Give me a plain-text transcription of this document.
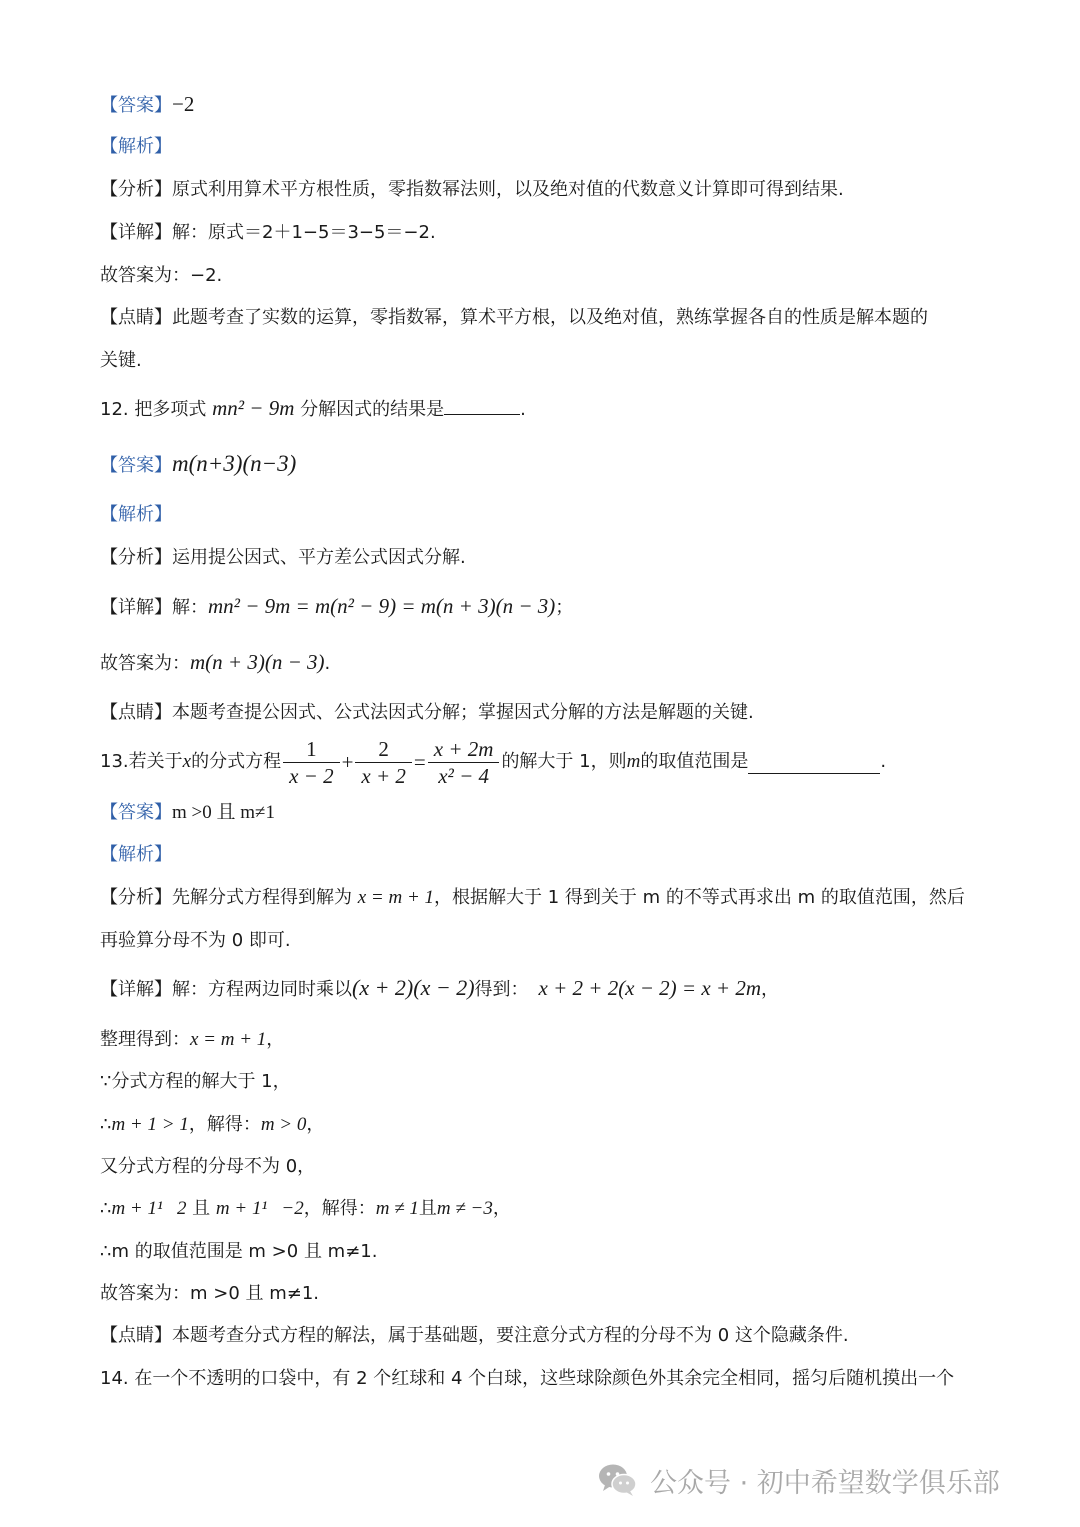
【答案】−2
【解析】
【分析】原式利用算术平方根性质，零指数幂法则，以及绝对值的代数意义计算即可得到结果.
【详解】解：原式＝2＋1−5＝3−5＝−2.
故答案为：−2.
【点睛】此题考查了实数的运算，零指数幂，算术平方根，以及绝对值，熟练掌握各自的性质是解本题的
关键.
12. 把多项式 mn² − 9m 分解因式的结果是	.
【答案】m(n+3)(n−3)
【解析】
【分析】运用提公因式、平方差公式因式分解.
【详解】解：mn² − 9m = m(n² − 9) = m(n + 3)(n − 3)；
故答案为：m(n + 3)(n − 3).
【点睛】本题考查提公因式、公式法因式分解；掌握因式分解的方法是解题的关键.
13. 若关于 x 的分式方程 $\frac{1}{x - 2} + \frac{2}{x + 2} = \frac{x + 2m}{\text{x² − 4}}$ 的解大于 1，则 m 的取值范围是	.
【答案】m >0 且 m≠1
【解析】
【分析】先解分式方程得到解为 x = m + 1，根据解大于 1 得到关于 m 的不等式再求出 m 的取值范围，然后
再验算分母不为 0 即可.
【详解】解：方程两边同时乘以(x + 2)(x − 2)得到： x + 2 + 2(x − 2) = x + 2m，
整理得到：x = m + 1，
∵分式方程的解大于 1，
∴m + 1 > 1，解得：m > 0，
又分式方程的分母不为 0，
∴m + 1¹   2 且 m + 1¹   −2，解得：m ≠ 1且m ≠ −3，
∴m 的取值范围是 m >0 且 m≠1.
故答案为：m >0 且 m≠1.
【点睛】本题考查分式方程的解法，属于基础题，要注意分式方程的分母不为 0 这个隐藏条件.
14. 在一个不透明的口袋中，有 2 个红球和 4 个白球，这些球除颜色外其余完全相同，摇匀后随机摸出一个
公众号 · 初中希望数学俱乐部
